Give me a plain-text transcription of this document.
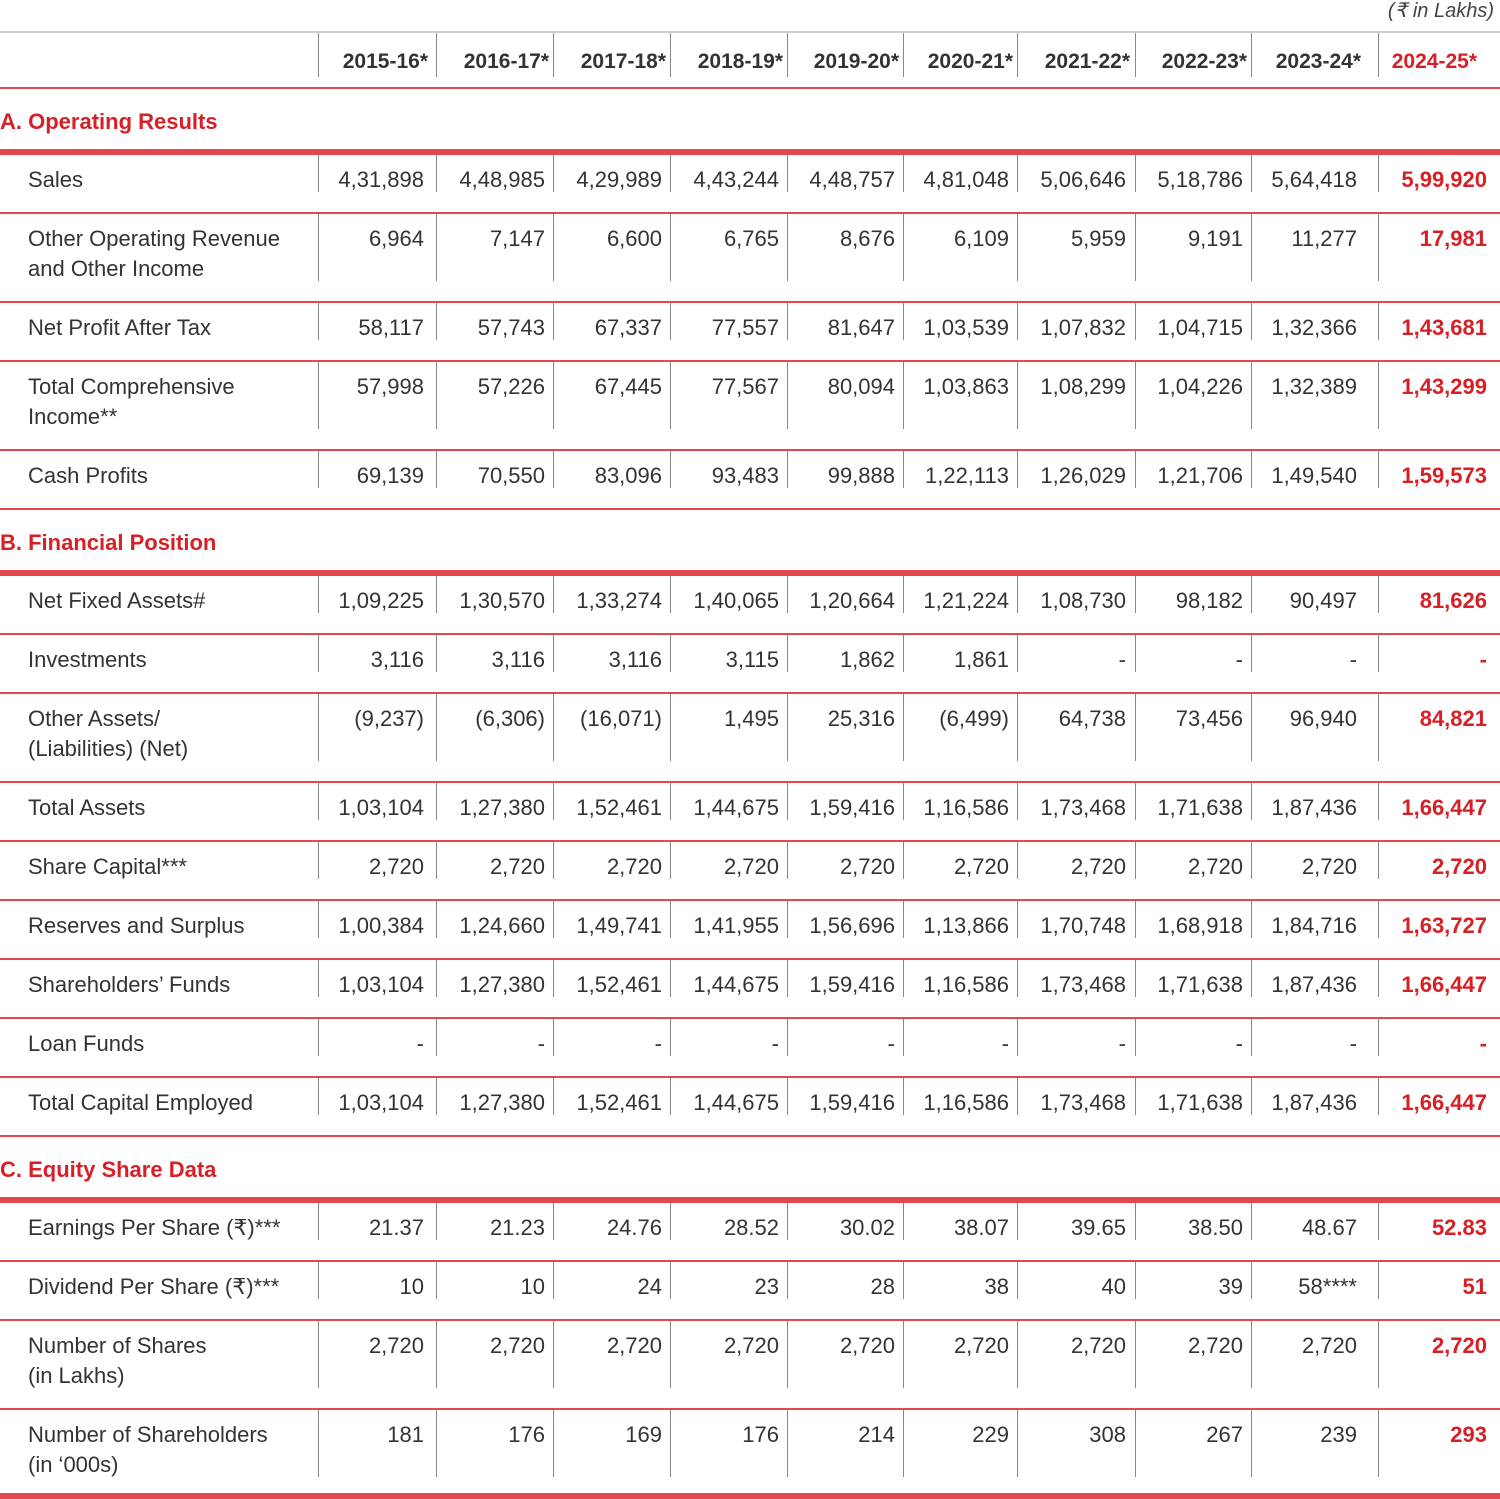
(₹ in Lakhs)
2015-16* 2016-17* 2017-18* 2018-19* 2019-20* 2020-21* 2021-22* 2022-23* 2023-24* 2024-25*
A. Operating Results
Sales	4,31,898 4,48,985 4,29,989 4,43,244 4,48,757 4,81,048 5,06,646 5,18,786 5,64,418 5,99,920
Other Operating Revenue
and Other Income
6,964	7,147	6,600	6,765	8,676	6,109	5,959	9,191 11,277	17,981
Net Profit After Tax	58,117 57,743 67,337 77,557 81,647 1,03,539 1,07,832 1,04,715 1,32,366 1,43,681
Total Comprehensive
Income**
57,998 57,226 67,445 77,567 80,094 1,03,863 1,08,299 1,04,226 1,32,389 1,43,299
Cash Profits	69,139 70,550 83,096 93,483 99,888 1,22,113 1,26,029 1,21,706 1,49,540 1,59,573
B. Financial Position
Net Fixed Assets#	1,09,225 1,30,570 1,33,274 1,40,065 1,20,664 1,21,224 1,08,730 98,182 90,497	81,626
Investments	3,116	3,116	3,116	3,115	1,862	1,861	-	-	-	-
Other Assets/
(Liabilities) (Net)
(9,237) (6,306) (16,071)	1,495 25,316 (6,499) 64,738 73,456 96,940	84,821
Total Assets	1,03,104 1,27,380 1,52,461 1,44,675 1,59,416 1,16,586 1,73,468 1,71,638 1,87,436 1,66,447
Share Capital***	2,720	2,720	2,720	2,720	2,720	2,720	2,720	2,720	2,720	2,720
Reserves and Surplus	1,00,384 1,24,660 1,49,741 1,41,955 1,56,696 1,13,866 1,70,748 1,68,918 1,84,716 1,63,727
Shareholders’ Funds	1,03,104 1,27,380 1,52,461 1,44,675 1,59,416 1,16,586 1,73,468 1,71,638 1,87,436 1,66,447
Loan Funds	-	-	-	-	-	-	-	-	-	-
Total Capital Employed	1,03,104 1,27,380 1,52,461 1,44,675 1,59,416 1,16,586 1,73,468 1,71,638 1,87,436 1,66,447
C. Equity Share Data
Earnings Per Share (₹)***	21.37	21.23	24.76	28.52	30.02	38.07	39.65	38.50	48.67	52.83
Dividend Per Share (₹)***	10	10	24	23	28	38	40	39	58****	51
Number of Shares
(in Lakhs)
2,720	2,720	2,720	2,720	2,720	2,720	2,720	2,720	2,720	2,720
Number of Shareholders
(in ‘000s)
181	176	169	176	214	229	308	267	239	293
